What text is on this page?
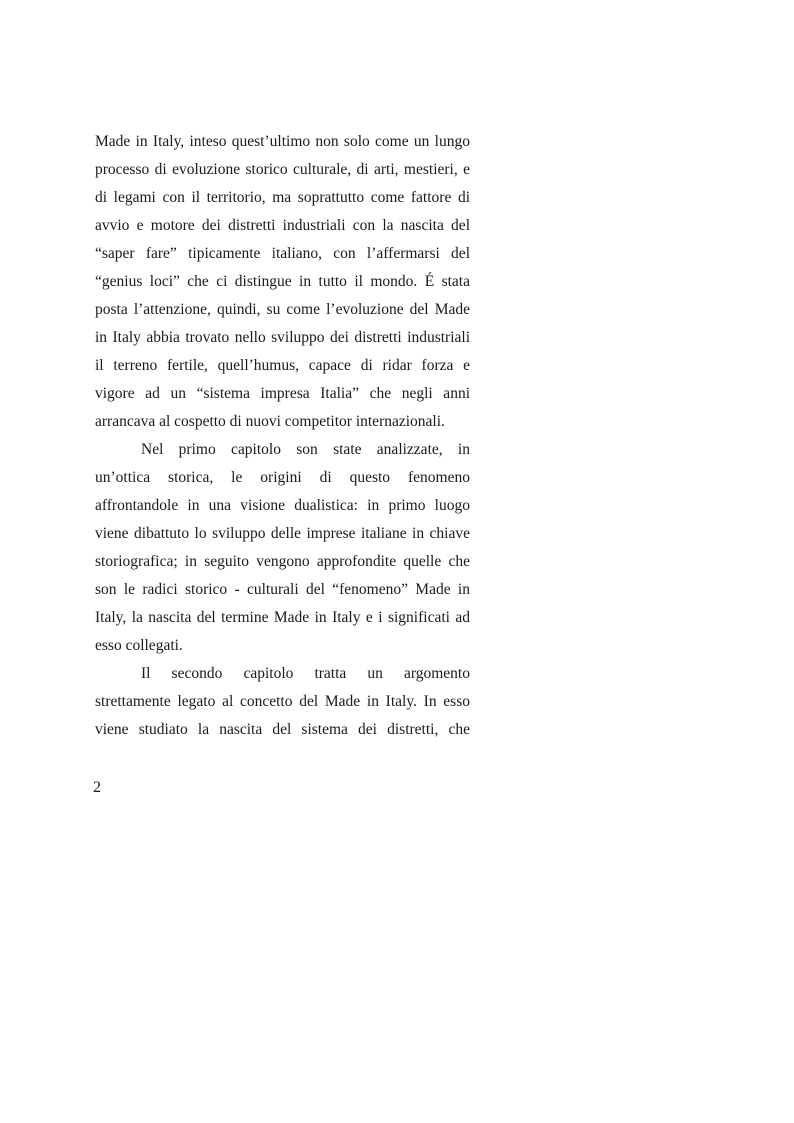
Made in Italy, inteso quest’ultimo non solo come un lungo
processo di evoluzione storico culturale, di arti, mestieri, e
di legami con il territorio, ma soprattutto come fattore di
avvio e motore dei distretti industriali con la nascita del
“saper fare” tipicamente italiano, con l’affermarsi del
“genius loci” che ci distingue in tutto il mondo. É stata
posta l’attenzione, quindi, su come l’evoluzione del Made
in Italy abbia trovato nello sviluppo dei distretti industriali
il terreno fertile, quell’humus, capace di ridar forza e
vigore ad un “sistema impresa Italia” che negli anni
arrancava al cospetto di nuovi competitor internazionali.
Nel primo capitolo son state analizzate, in
un’ottica storica, le origini di questo fenomeno
affrontandole in una visione dualistica: in primo luogo
viene dibattuto lo sviluppo delle imprese italiane in chiave
storiografica; in seguito vengono approfondite quelle che
son le radici storico - culturali del “fenomeno” Made in
Italy, la nascita del termine Made in Italy e i significati ad
esso collegati.
Il secondo capitolo tratta un argomento
strettamente legato al concetto del Made in Italy. In esso
viene studiato la nascita del sistema dei distretti, che
2
